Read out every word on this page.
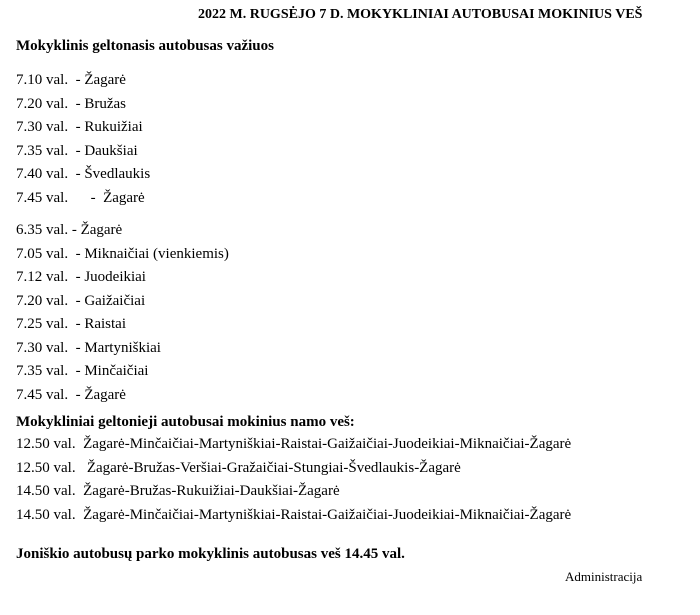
2022 M. RUGSĖJO 7 D. MOKYKLINIAI AUTOBUSAI MOKINIUS VEŠ
Mokyklinis geltonasis autobusas važiuos
7.10 val.  - Žagarė
7.20 val.  - Bružas
7.30 val.  - Rukuižiai
7.35 val.  - Daukšiai
7.40 val.  - Švedlaukis
7.45 val.      -  Žagarė
6.35 val. - Žagarė
7.05 val.  - Miknaičiai (vienkiemis)
7.12 val.  - Juodeikiai
7.20 val.  - Gaižaičiai
7.25 val.  - Raistai
7.30 val.  - Martyniškiai
7.35 val.  - Minčaičiai
7.45 val.  - Žagarė
Mokykliniai geltonieji autobusai mokinius namo veš:
12.50 val.  Žagarė-Minčaičiai-Martyniškiai-Raistai-Gaižaičiai-Juodeikiai-Miknaičiai-Žagarė
12.50 val.   Žagarė-Bružas-Veršiai-Gražaičiai-Stungiai-Švedlaukis-Žagarė
14.50 val.  Žagarė-Bružas-Rukuižiai-Daukšiai-Žagarė
14.50 val.  Žagarė-Minčaičiai-Martyniškiai-Raistai-Gaižaičiai-Juodeikiai-Miknaičiai-Žagarė
Joniškio autobusų parko mokyklinis autobusas veš 14.45 val.
Administracija
